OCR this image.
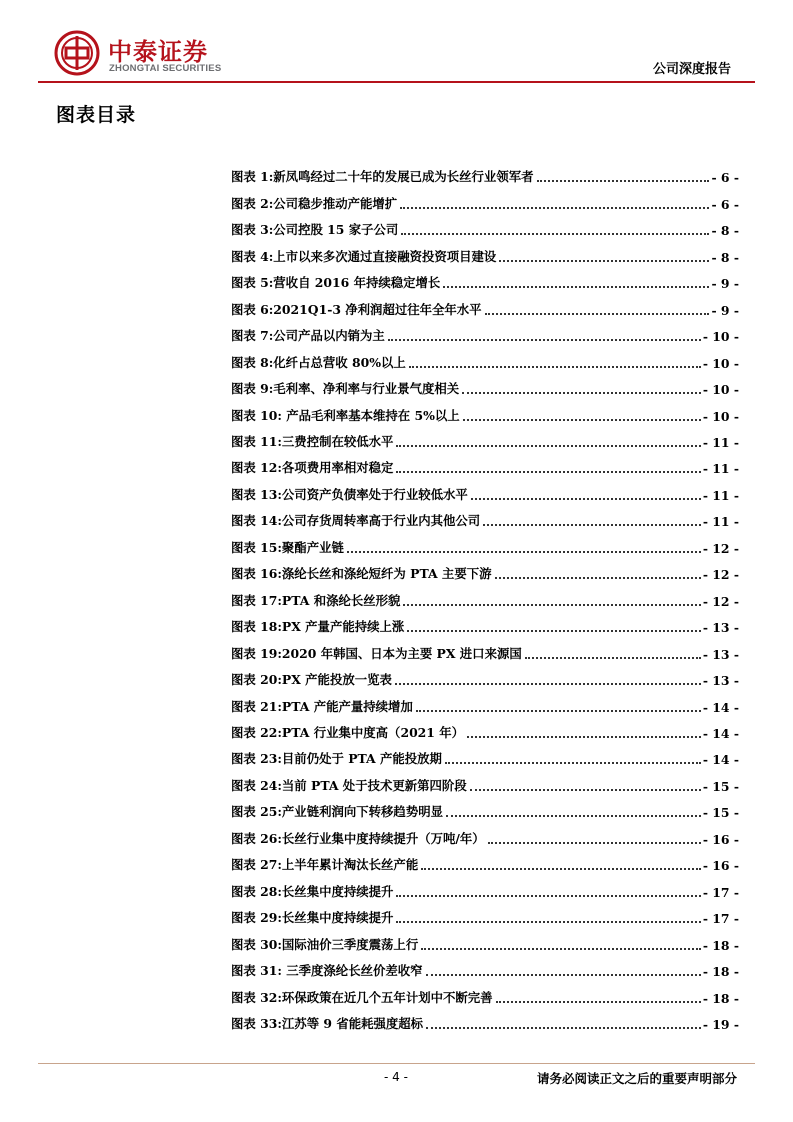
中泰证券
ZHONGTAI SECURITIES	公司深度报告
图表目录
图表 1: 新凤鸣经过二十年的发展已成为长丝行业领军者	- 6 -
图表 2: 公司稳步推动产能增扩	- 6 -
图表 3: 公司控股 15 家子公司	- 8 -
图表 4: 上市以来多次通过直接融资投资项目建设	- 8 -
图表 5: 营收自 2016 年持续稳定增长	- 9 -
图表 6: 2021Q1-3 净利润超过往年全年水平	- 9 -
图表 7: 公司产品以内销为主	- 10 -
图表 8: 化纤占总营收 80%以上	- 10 -
图表 9: 毛利率、净利率与行业景气度相关	- 10 -
图表 10: 产品毛利率基本维持在 5%以上	- 10 -
图表 11: 三费控制在较低水平	- 11 -
图表 12: 各项费用率相对稳定	- 11 -
图表 13: 公司资产负债率处于行业较低水平	- 11 -
图表 14: 公司存货周转率高于行业内其他公司	- 11 -
图表 15: 聚酯产业链	- 12 -
图表 16: 涤纶长丝和涤纶短纤为 PTA 主要下游	- 12 -
图表 17: PTA 和涤纶长丝形貌	- 12 -
图表 18: PX 产量产能持续上涨	- 13 -
图表 19: 2020 年韩国、日本为主要 PX 进口来源国	- 13 -
图表 20: PX 产能投放一览表	- 13 -
图表 21: PTA 产能产量持续增加	- 14 -
图表 22: PTA 行业集中度高（2021 年）	- 14 -
图表 23: 目前仍处于 PTA 产能投放期	- 14 -
图表 24: 当前 PTA 处于技术更新第四阶段	- 15 -
图表 25: 产业链利润向下转移趋势明显	- 15 -
图表 26: 长丝行业集中度持续提升（万吨/年）	- 16 -
图表 27: 上半年累计淘汰长丝产能	- 16 -
图表 28: 长丝集中度持续提升	- 17 -
图表 29: 长丝集中度持续提升	- 17 -
图表 30: 国际油价三季度震荡上行	- 18 -
图表 31: 三季度涤纶长丝价差收窄	- 18 -
图表 32: 环保政策在近几个五年计划中不断完善	- 18 -
图表 33: 江苏等 9 省能耗强度超标	- 19 -
- 4 -	请务必阅读正文之后的重要声明部分
